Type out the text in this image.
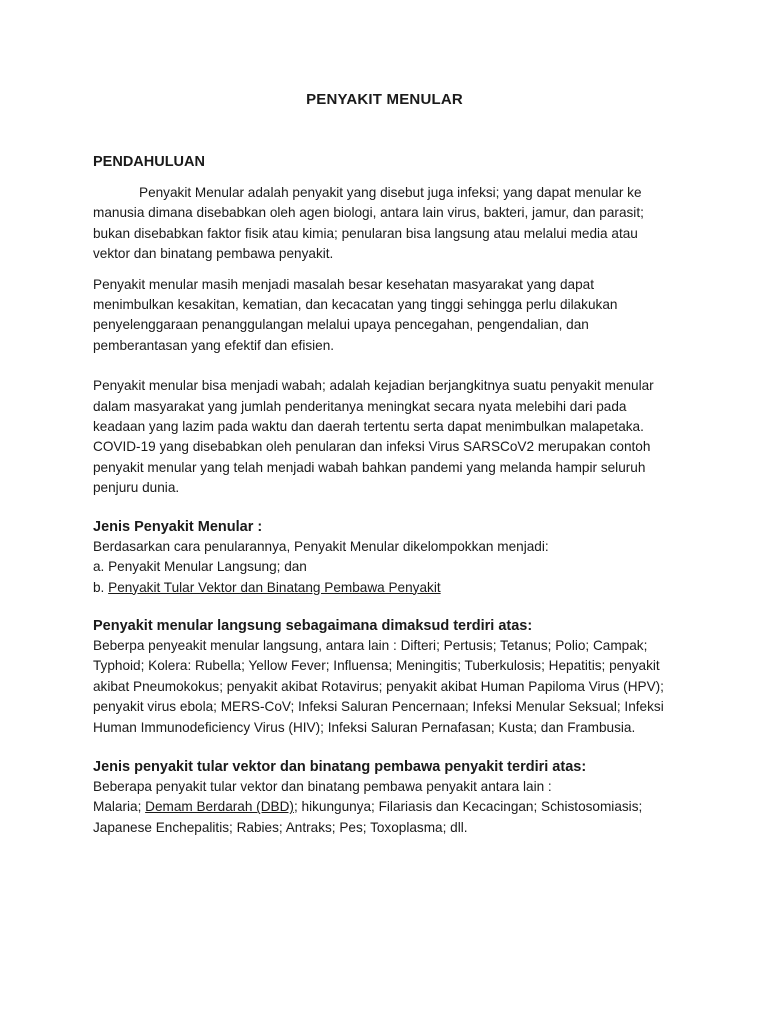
PENYAKIT MENULAR
PENDAHULUAN

Penyakit Menular adalah penyakit yang disebut juga infeksi; yang dapat menular ke manusia dimana disebabkan oleh agen biologi, antara lain virus, bakteri, jamur, dan parasit; bukan disebabkan faktor fisik atau kimia; penularan bisa langsung atau melalui media atau vektor dan binatang pembawa penyakit.

Penyakit menular masih menjadi masalah besar kesehatan masyarakat yang dapat menimbulkan kesakitan, kematian, dan kecacatan yang tinggi sehingga perlu dilakukan penyelenggaraan penanggulangan melalui upaya pencegahan, pengendalian, dan pemberantasan yang efektif dan efisien.

Penyakit menular bisa menjadi wabah; adalah kejadian berjangkitnya suatu penyakit menular dalam masyarakat yang jumlah penderitanya meningkat secara nyata melebihi dari pada keadaan yang lazim pada waktu dan daerah tertentu serta dapat menimbulkan malapetaka. COVID-19 yang disebabkan oleh penularan dan infeksi Virus SARSCoV2 merupakan contoh penyakit menular yang telah menjadi wabah bahkan pandemi yang melanda hampir seluruh penjuru dunia.

Jenis Penyakit Menular :

Berdasarkan cara penularannya, Penyakit Menular dikelompokkan menjadi:
a. Penyakit Menular Langsung; dan
b. Penyakit Tular Vektor dan Binatang Pembawa Penyakit

Penyakit menular langsung sebagaimana dimaksud terdiri atas:

Beberpa penyeakit menular langsung, antara lain : Difteri; Pertusis; Tetanus; Polio; Campak; Typhoid; Kolera: Rubella; Yellow Fever; Influensa; Meningitis; Tuberkulosis; Hepatitis; penyakit akibat Pneumokokus; penyakit akibat Rotavirus; penyakit akibat Human Papiloma Virus (HPV); penyakit virus ebola; MERS-CoV; Infeksi Saluran Pencernaan; Infeksi Menular Seksual; Infeksi Human Immunodeficiency Virus (HIV); Infeksi Saluran Pernafasan; Kusta; dan Frambusia.

Jenis penyakit tular vektor dan binatang pembawa penyakit terdiri atas:

Beberapa penyakit tular vektor dan binatang pembawa penyakit antara lain :
Malaria; Demam Berdarah (DBD); hikungunya; Filariasis dan Kecacingan; Schistosomiasis; Japanese Enchepalitis; Rabies; Antraks; Pes; Toxoplasma; dll.
